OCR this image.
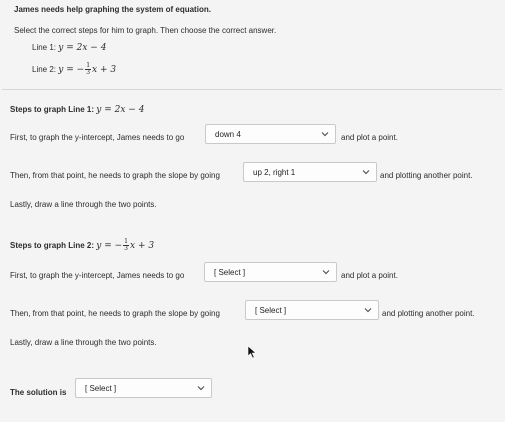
James needs help graphing the system of equation.
Select the correct steps for him to graph. Then choose the correct answer.
Line 1: y = 2x − 4
Line 2: y = − $\frac{1}{3}$ x + 3
Steps to graph Line 1: y = 2x − 4
First, to graph the y-intercept, James needs to go	down 4	and plot a point.
Then, from that point, he needs to graph the slope by going	up 2, right 1	and plotting another point.
Lastly, draw a line through the two points.
Steps to graph Line 2: y = − $\frac{1}{3}$ x + 3
First, to graph the y-intercept, James needs to go	[ Select ]	and plot a point.
Then, from that point, he needs to graph the slope by going	[ Select ]	and plotting another point.
Lastly, draw a line through the two points.
The solution is [ Select ]
